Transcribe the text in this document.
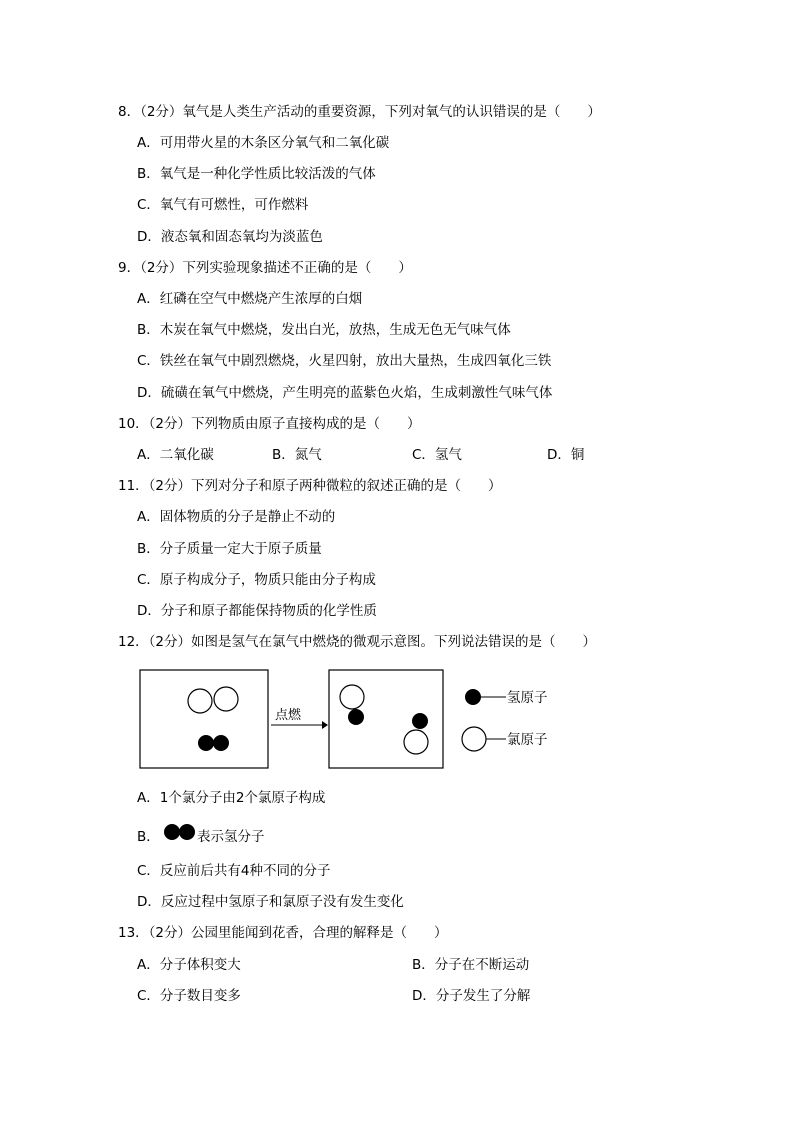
8．（2分）氧气是人类生产活动的重要资源，下列对氧气的认识错误的是（　　）
A．可用带火星的木条区分氧气和二氧化碳
B．氧气是一种化学性质比较活泼的气体
C．氧气有可燃性，可作燃料
D．液态氧和固态氧均为淡蓝色
9．（2分）下列实验现象描述不正确的是（　　）
A．红磷在空气中燃烧产生浓厚的白烟
B．木炭在氧气中燃烧，发出白光，放热，生成无色无气味气体
C．铁丝在氧气中剧烈燃烧，火星四射，放出大量热，生成四氧化三铁
D．硫磺在氧气中燃烧，产生明亮的蓝紫色火焰，生成刺激性气味气体
10．（2分）下列物质由原子直接构成的是（　　）
A．二氧化碳	B．氮气	C．氢气	D．铜
11．（2分）下列对分子和原子两种微粒的叙述正确的是（　　）
A．固体物质的分子是静止不动的
B．分子质量一定大于原子质量
C．原子构成分子，物质只能由分子构成
D．分子和原子都能保持物质的化学性质
12．（2分）如图是氢气在氯气中燃烧的微观示意图。下列说法错误的是（　　）
点燃
氢原子
氯原子
A．1个氯分子由2个氯原子构成
B．	表示氢分子
C．反应前后共有4种不同的分子
D．反应过程中氢原子和氯原子没有发生变化
13．（2分）公园里能闻到花香，合理的解释是（　　）
A．分子体积变大	B．分子在不断运动
C．分子数目变多	D．分子发生了分解
